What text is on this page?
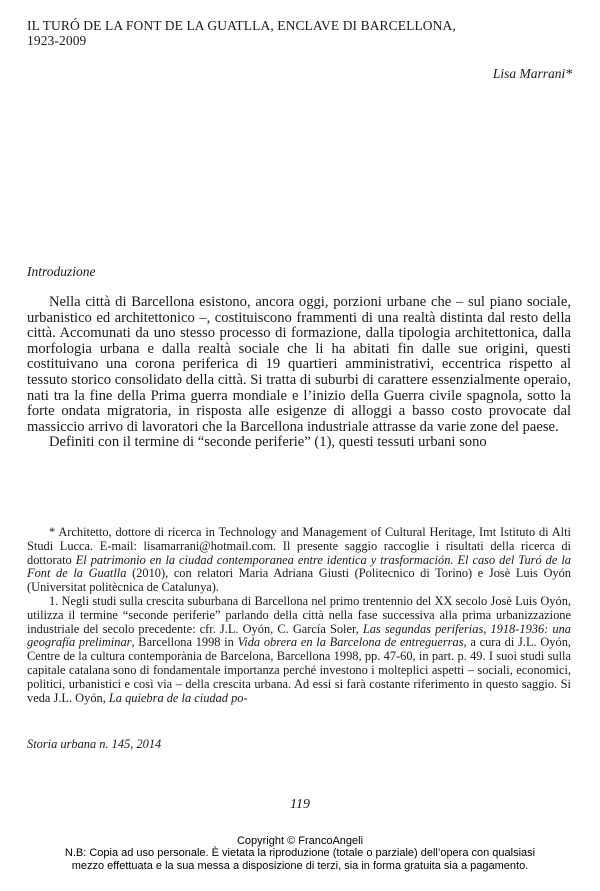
IL TURÓ DE LA FONT DE LA GUATLLA, ENCLAVE DI BARCELLONA,
1923-2009
Lisa Marrani*
Introduzione

Nella città di Barcellona esistono, ancora oggi, porzioni urbane che – sul piano sociale, urbanistico ed architettonico –, costituiscono frammenti di una realtà distinta dal resto della città. Accomunati da uno stesso processo di formazione, dalla tipologia architettonica, dalla morfologia urbana e dalla realtà sociale che li ha abitati fin dalle sue origini, questi costituivano una corona periferica di 19 quartieri amministrativi, eccentrica rispetto al tessuto storico consolidato della città. Si tratta di suburbi di carattere essenzialmente operaio, nati tra la fine della Prima guerra mondiale e l’inizio della Guerra civile spagnola, sotto la forte ondata migratoria, in risposta alle esigenze di alloggi a basso costo provocate dal massiccio arrivo di lavoratori che la Barcellona industriale attrasse da varie zone del paese.

Definiti con il termine di “seconde periferie” (1), questi tessuti urbani sono

* Architetto, dottore di ricerca in Technology and Management of Cultural Heritage, Imt Istituto di Alti Studi Lucca. E-mail: lisamarrani@hotmail.com. Il presente saggio raccoglie i risultati della ricerca di dottorato El patrimonio en la ciudad contemporanea entre identica y trasformación. El caso del Turó de la Font de la Guatlla (2010), con relatori Maria Adriana Giusti (Politecnico di Torino) e Josè Luis Oyón (Universitat politècnica de Catalunya).

1. Negli studi sulla crescita suburbana di Barcellona nel primo trentennio del XX secolo Josè Luis Oyón, utilizza il termine “seconde periferie” parlando della città nella fase successiva alla prima urbanizzazione industriale del secolo precedente: cfr. J.L. Oyón, C. García Soler, Las segundas periferias, 1918-1936: una geografía preliminar, Barcellona 1998 in Vida obrera en la Barcelona de entreguerras, a cura di J.L. Oyón, Centre de la cultura contemporània de Barcelona, Barcellona 1998, pp. 47-60, in part. p. 49. I suoi studi sulla capitale catalana sono di fondamentale importanza perché investono i molteplici aspetti – sociali, economici, politici, urbanistici e così via – della crescita urbana. Ad essi si farà costante riferimento in questo saggio. Si veda J.L. Oyón, La quiebra de la ciudad po-

Storia urbana n. 145, 2014
119
Copyright © FrancoAngeli
N.B: Copia ad uso personale. È vietata la riproduzione (totale o parziale) dell’opera con qualsiasi
mezzo effettuata e la sua messa a disposizione di terzi, sia in forma gratuita sia a pagamento.
